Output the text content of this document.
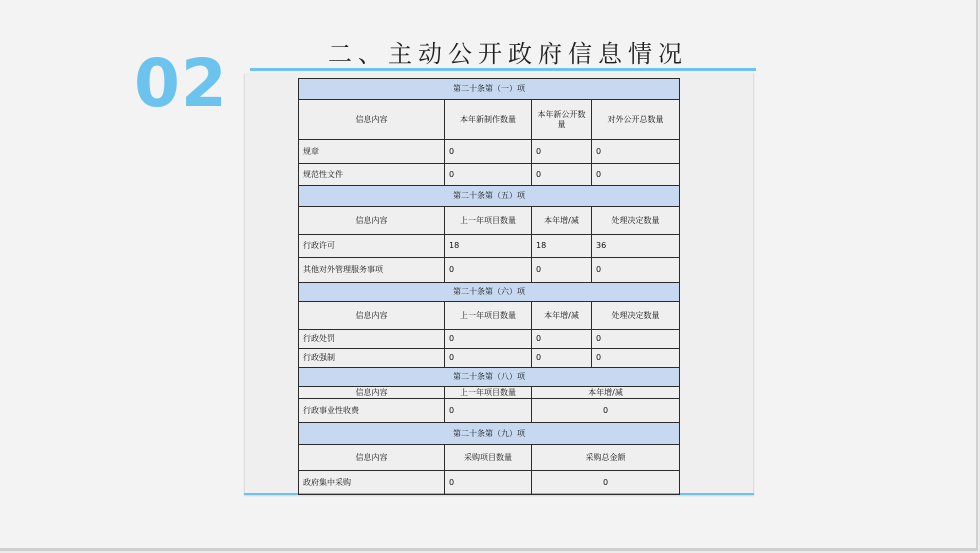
02	二、主动公开政府信息情况
第二十条第（一）项			
信息内容	本年新制作数量	本年新公开数量	对外公开总数量
规章	0	0	0
规范性文件	0	0	0
第二十条第（五）项			
信息内容	上一年项目数量	本年增/减	处理决定数量
行政许可	18	18	36
其他对外管理服务事项	0	0	0
第二十条第（六）项			
信息内容	上一年项目数量	本年增/减	处理决定数量
行政处罚	0	0	0
行政强制	0	0	0
第二十条第（八）项			
信息内容	上一年项目数量	本年增/减	
行政事业性收费	0	0	
第二十条第（九）项			
信息内容	采购项目数量	采购总金额	
政府集中采购	0	0	
